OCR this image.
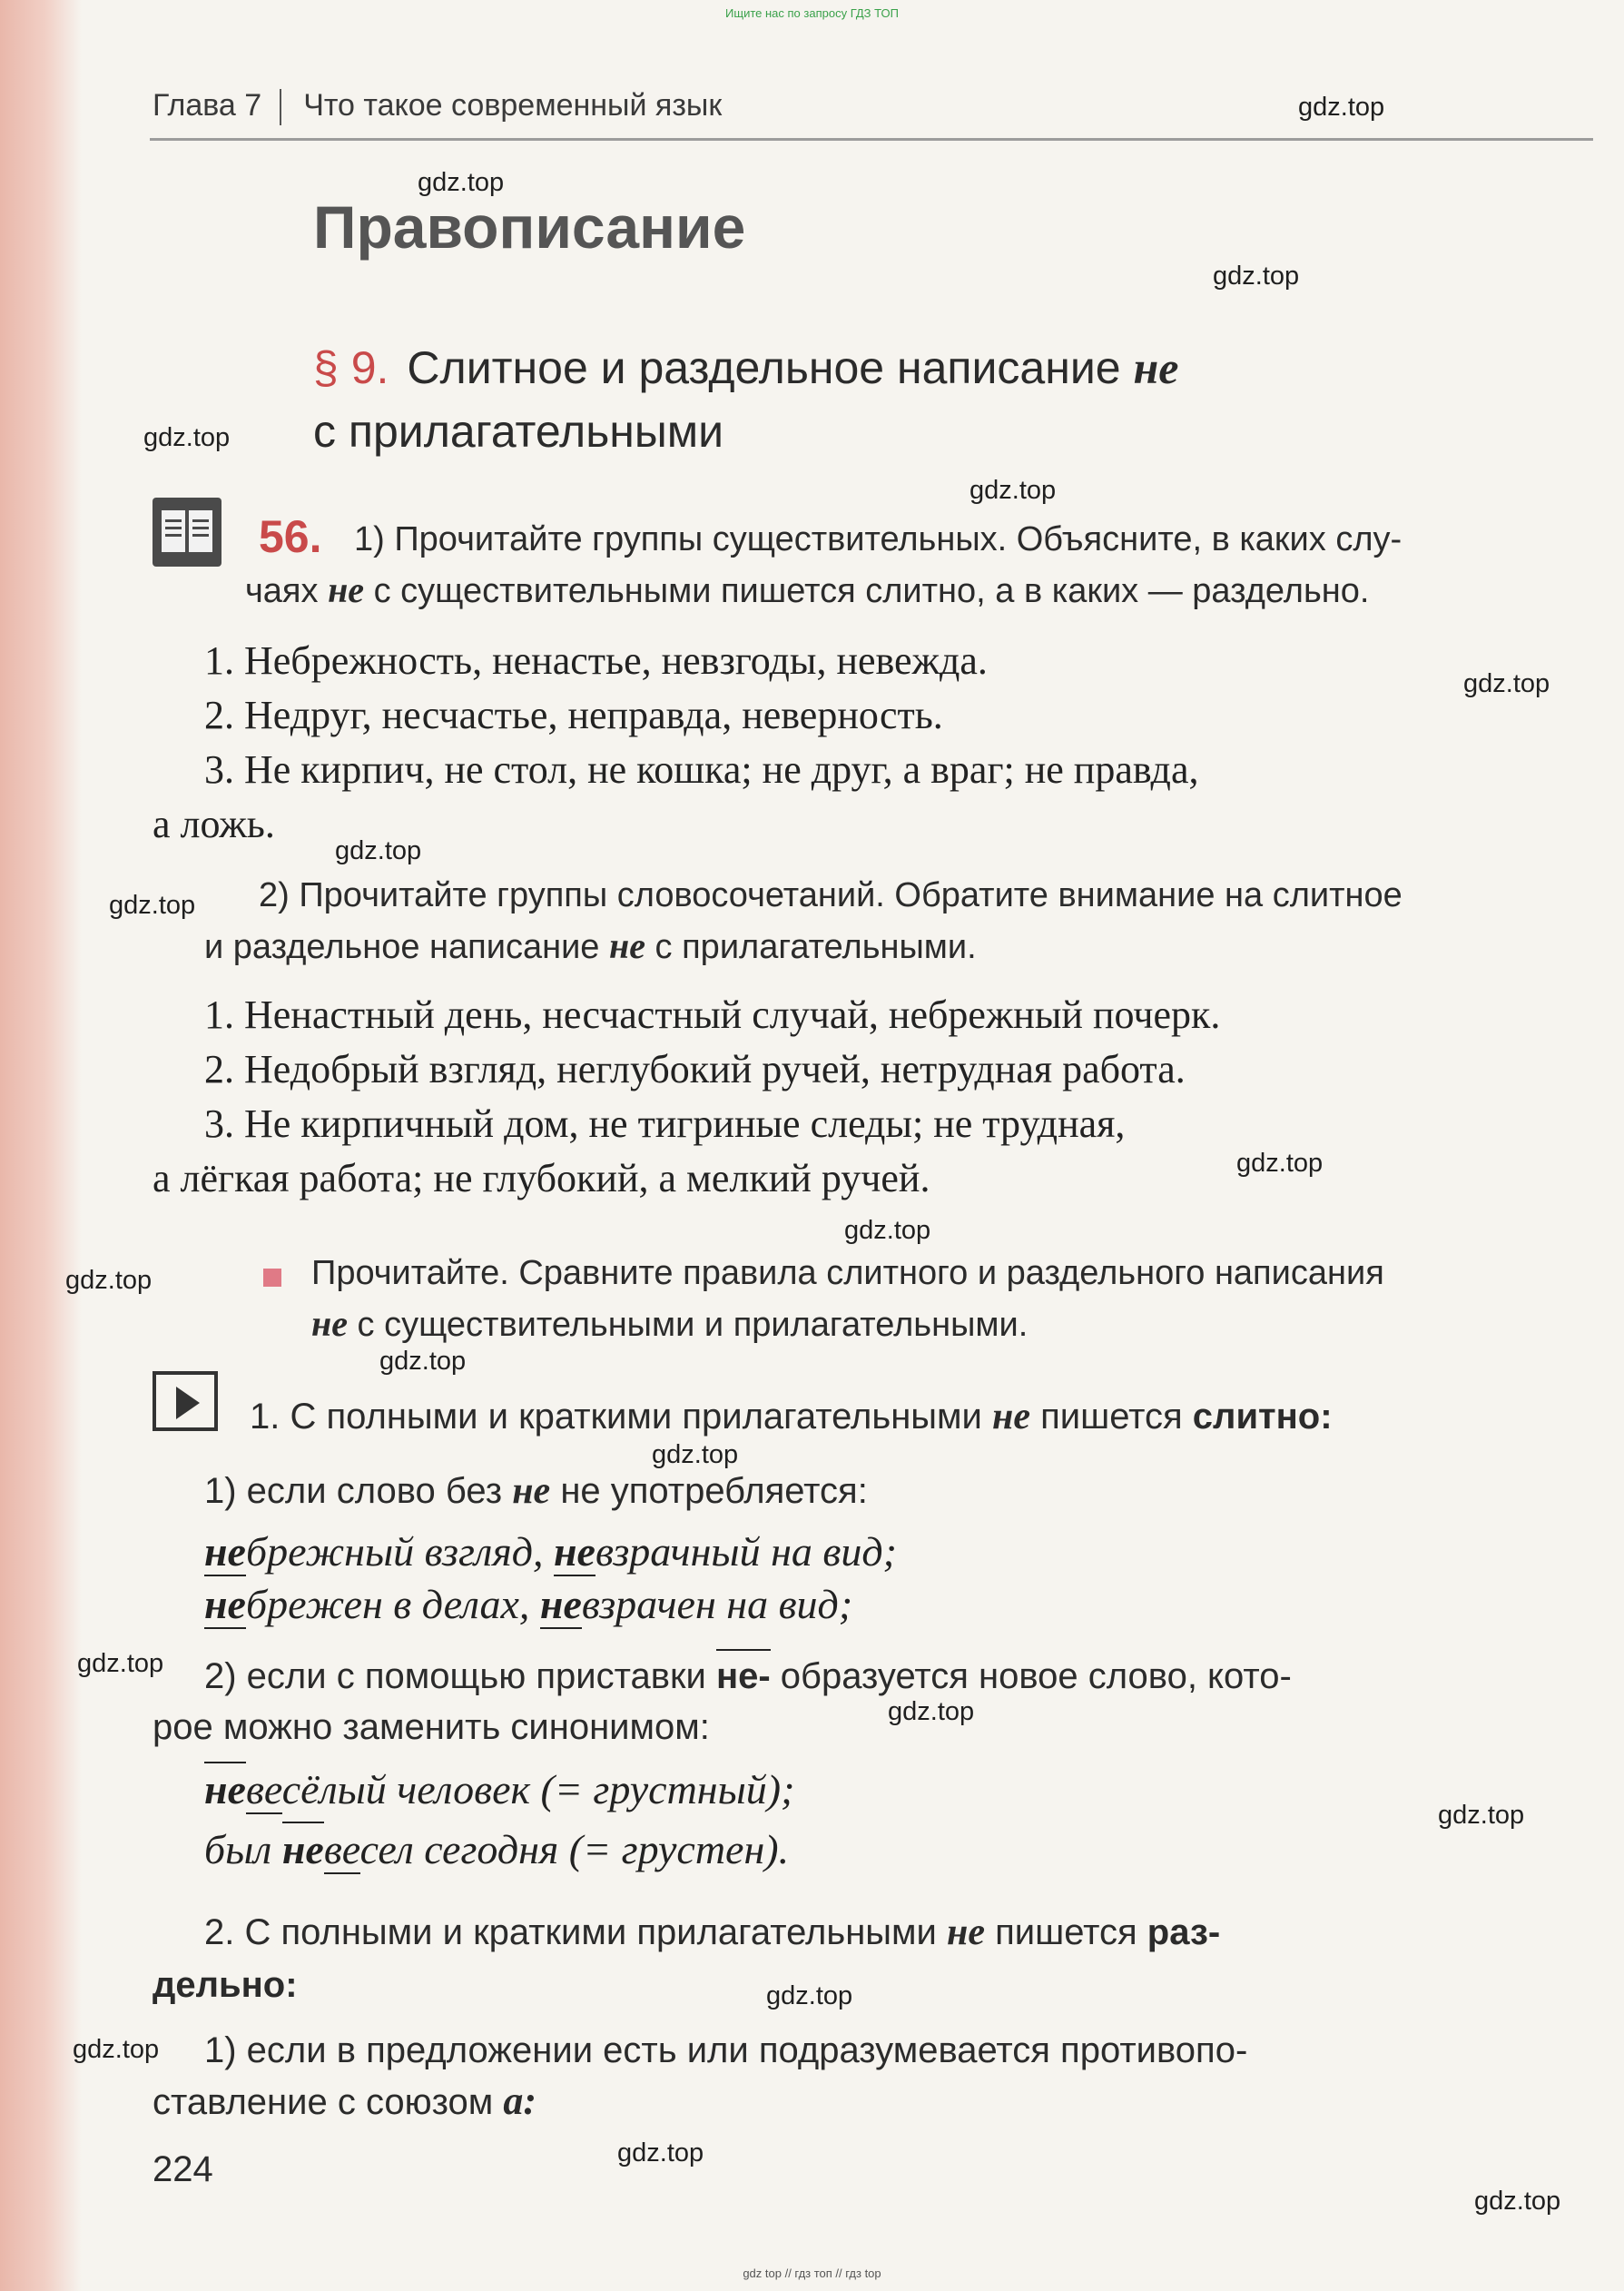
Ищите нас по запросу ГДЗ ТОП
Глава 7 Что такое современный язык
Правописание
§ 9. Слитное и раздельное написание не
с прилагательными
56. 1) Прочитайте группы существительных. Объясните, в каких слу-
чаях не с существительными пишется слитно, а в каких — раздельно.
1. Небрежность, ненастье, невзгоды, невежда.
2. Недруг, несчастье, неправда, неверность.
3. Не кирпич, не стол, не кошка; не друг, а враг; не правда,
а ложь.
2) Прочитайте группы словосочетаний. Обратите внимание на слитное
и раздельное написание не с прилагательными.
1. Ненастный день, несчастный случай, небрежный почерк.
2. Недобрый взгляд, неглубокий ручей, нетрудная работа.
3. Не кирпичный дом, не тигриные следы; не трудная,
а лёгкая работа; не глубокий, а мелкий ручей.
Прочитайте. Сравните правила слитного и раздельного написания
не с существительными и прилагательными.
1. С полными и краткими прилагательными не пишется слитно:
1) если слово без не не употребляется:
небрежный взгляд, невзрачный на вид;
небрежен в делах, невзрачен на вид;
2) если с помощью приставки не- образуется новое слово, кото-
рое можно заменить синонимом:
невесёлый человек (= грустный);
был невесел сегодня (= грустен).
2. С полными и краткими прилагательными не пишется раз-
дельно:
1) если в предложении есть или подразумевается противопо-
ставление с союзом а:
224
gdz.top
gdz.top
gdz.top
gdz.top
gdz.top
gdz.top
gdz.top
gdz.top
gdz.top
gdz.top
gdz.top
gdz.top
gdz.top
gdz.top
gdz.top
gdz.top
gdz.top
gdz.top
gdz.top
gdz.top
gdz top // гдз топ // гдз top
